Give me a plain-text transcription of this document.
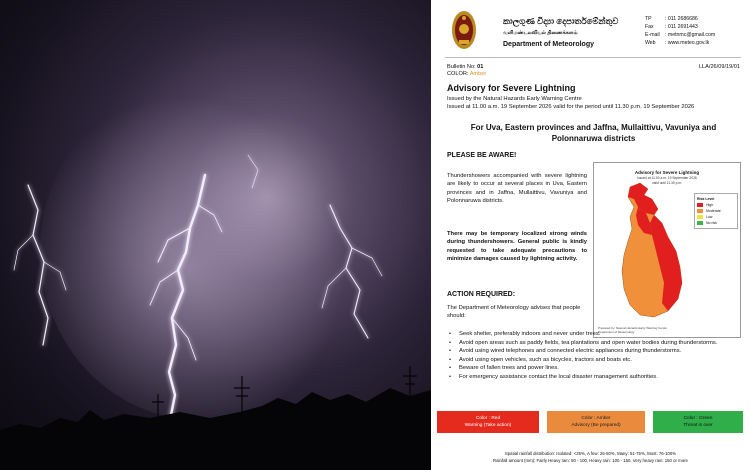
කාලගුණ විද්‍යා දෙපාර්තමේන්තුව
வளிமண்டலவியல் திணைக்களம்
Department of Meteorology
TP	: 011 2686686
Fax : 011 2691443
E-mail : metnmc@gmail.com
Web : www.meteo.gov.lk
Bulletin No: 01
COLOR: Amber
LLA/26/09/19/01
Advisory for Severe Lightning
Issued by the Natural Hazards Early Warning Centre
Issued at 11.00 a.m. 19 September 2026 valid for the period until 11.30 p.m. 19 September 2026
For Uva, Eastern provinces and Jaffna, Mullaittivu, Vavuniya and
Polonnaruwa districts
PLEASE BE AWARE!
Thundershowers accompanied with severe lightning are likely to occur at several places in Uva, Eastern provinces and in Jaffna, Mullaittivu, Vavuniya and Polonnaruwa districts.
There may be temporary localized strong winds during thundershowers. General public is kindly requested to take adequate precautions to minimize damages caused by lightning activity.
Advisory for Severe Lightning
Issued at 11.00 a.m. 19 September 2026
valid until 11.30 p.m.
Risk Level
High
Moderate
Low
No risk
Prepared by: Natural Hazards Early Warning Centre
Department of Meteorology
ACTION REQUIRED:
The Department of Meteorology advises that people should:
• Seek shelter, preferably indoors and never under trees.
• Avoid open areas such as paddy fields, tea plantations and open water bodies during thunderstorms.
• Avoid using wired telephones and connected electric appliances during thunderstorms.
• Avoid using open vehicles, such as bicycles, tractors and boats etc.
• Beware of fallen trees and power lines.
• For emergency assistance contact the local disaster management authorities.
Color : Red
Warning (Take action)
Color : Amber
Advisory (Be prepared)
Color : Green
Threat is over
Spatial rainfall distribution: Isolated: <25%, A few: 26-50%, Many: 51-75%, Most: 76-100%
Rainfall amount (mm): Fairly Heavy rain: 50 - 100, Heavy rain: 100 - 150, Very heavy rain: 150 or more
